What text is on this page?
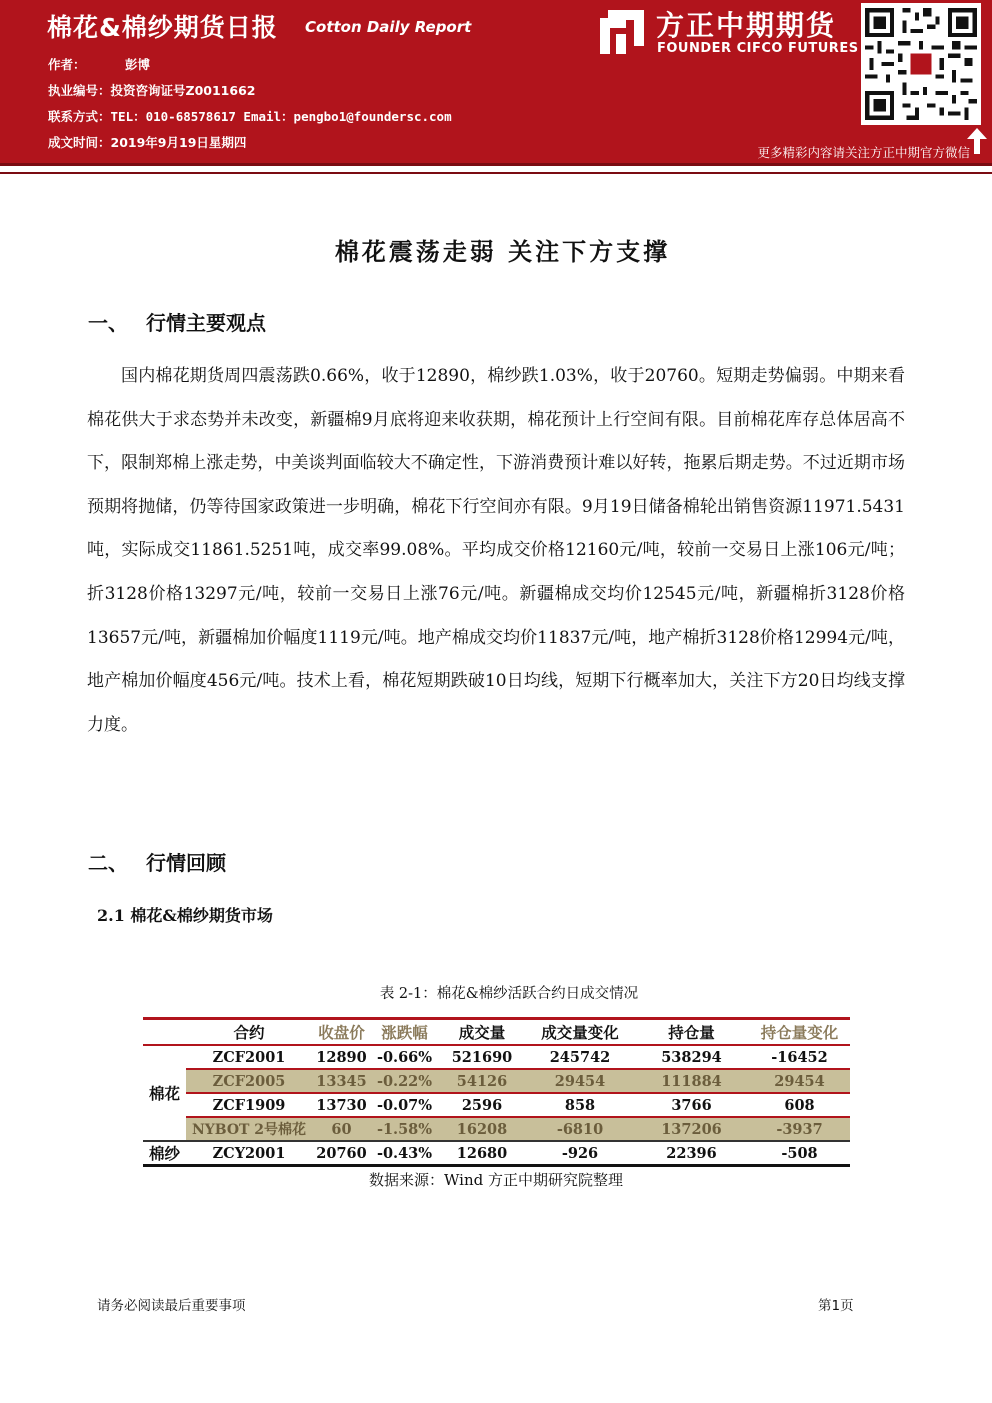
棉花&棉纱期货日报 Cotton Daily Report
作者：	彭博
执业编号：投资咨询证号Z0011662
联系方式：TEL：010-68578617 Email：pengbo1@foundersc.com
成文时间：2019年9月19日星期四
方正中期期货
FOUNDER CIFCO FUTURES
更多精彩内容请关注方正中期官方微信
棉花震荡走弱 关注下方支撑
一、 行情主要观点
国内棉花期货周四震荡跌0.66%，收于12890，棉纱跌1.03%，收于20760。短期走势偏弱。中期来看棉花供大于求态势并未改变，新疆棉9月底将迎来收获期，棉花预计上行空间有限。目前棉花库存总体居高不下，限制郑棉上涨走势，中美谈判面临较大不确定性，下游消费预计难以好转，拖累后期走势。不过近期市场预期将抛储，仍等待国家政策进一步明确，棉花下行空间亦有限。9月19日储备棉轮出销售资源11971.5431吨，实际成交11861.5251吨，成交率99.08%。平均成交价格12160元/吨，较前一交易日上涨106元/吨；折3128价格13297元/吨，较前一交易日上涨76元/吨。新疆棉成交均价12545元/吨，新疆棉折3128价格13657元/吨，新疆棉加价幅度1119元/吨。地产棉成交均价11837元/吨，地产棉折3128价格12994元/吨，地产棉加价幅度456元/吨。技术上看，棉花短期跌破10日均线，短期下行概率加大，关注下方20日均线支撑力度。
二、 行情回顾
2.1 棉花&棉纱期货市场
表 2-1：棉花&棉纱活跃合约日成交情况
	合约	收盘价	涨跌幅	成交量	成交量变化	持仓量	持仓量变化
棉花	ZCF2001	12890	-0.66%	521690	245742	538294	-16452
	ZCF2005	13345	-0.22%	54126	29454	111884	29454
	ZCF1909	13730	-0.07%	2596	858	3766	608
	NYBOT 2号棉花	60	-1.58%	16208	-6810	137206	-3937
棉纱	ZCY2001	20760	-0.43%	12680	-926	22396	-508
数据来源：Wind 方正中期研究院整理
请务必阅读最后重要事项	第1页
